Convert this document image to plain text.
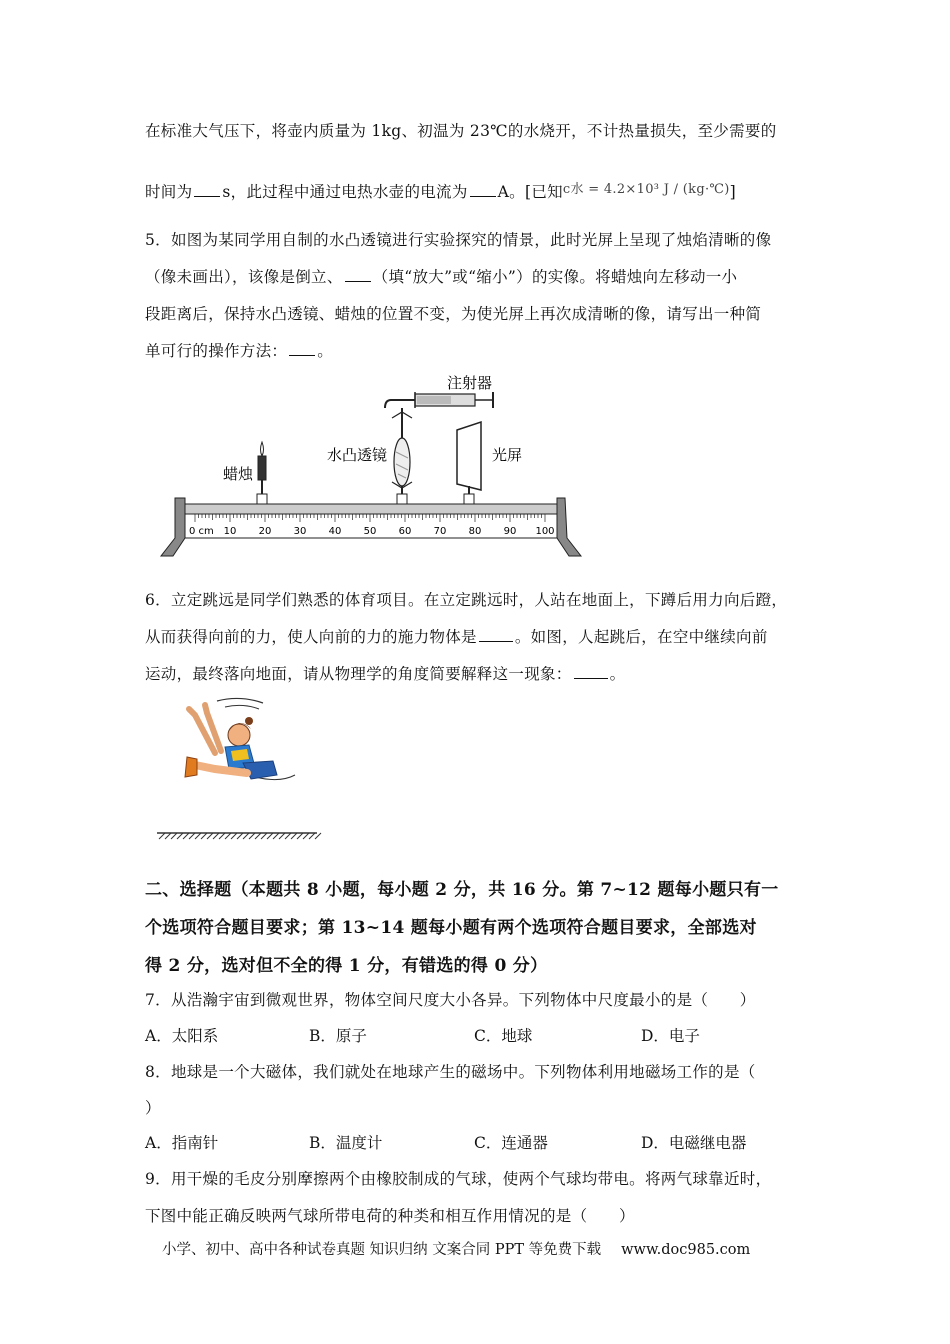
在标准大气压下，将壶内质量为 1kg、初温为 23℃的水烧开，不计热量损失，至少需要的
时间为 s，此过程中通过电热水壶的电流为 A。[已知$^{c水 = 4.2\times 10^3 J / (kg\cdot℃)}$]
5．如图为某同学用自制的水凸透镜进行实验探究的情景，此时光屏上呈现了烛焰清晰的像
（像未画出），该像是倒立、 （填“放大”或“缩小”）的实像。将蜡烛向左移动一小
段距离后，保持水凸透镜、蜡烛的位置不变，为使光屏上再次成清晰的像，请写出一种简
单可行的操作方法： 。
注射器
水凸透镜
蜡烛
光屏
0 cm 10 20 30 40 50 60 70 80 90 100
6．立定跳远是同学们熟悉的体育项目。在立定跳远时，人站在地面上，下蹲后用力向后蹬，
从而获得向前的力，使人向前的力的施力物体是 。如图，人起跳后，在空中继续向前
运动，最终落向地面，请从物理学的角度简要解释这一现象： 。
二、选择题（本题共 8 小题，每小题 2 分，共 16 分。第 7~12 题每小题只有一
个选项符合题目要求；第 13~14 题每小题有两个选项符合题目要求，全部选对
得 2 分，选对但不全的得 1 分，有错选的得 0 分）
7．从浩瀚宇宙到微观世界，物体空间尺度大小各异。下列物体中尺度最小的是（　　）
A．太阳系	B．原子	C．地球	D．电子
8．地球是一个大磁体，我们就处在地球产生的磁场中。下列物体利用地磁场工作的是（
）
A．指南针	B．温度计	C．连通器	D．电磁继电器
9．用干燥的毛皮分别摩擦两个由橡胶制成的气球，使两个气球均带电。将两气球靠近时，
下图中能正确反映两气球所带电荷的种类和相互作用情况的是（　　）
小学、初中、高中各种试卷真题 知识归纳 文案合同 PPT 等免费下载 www.doc985.com
